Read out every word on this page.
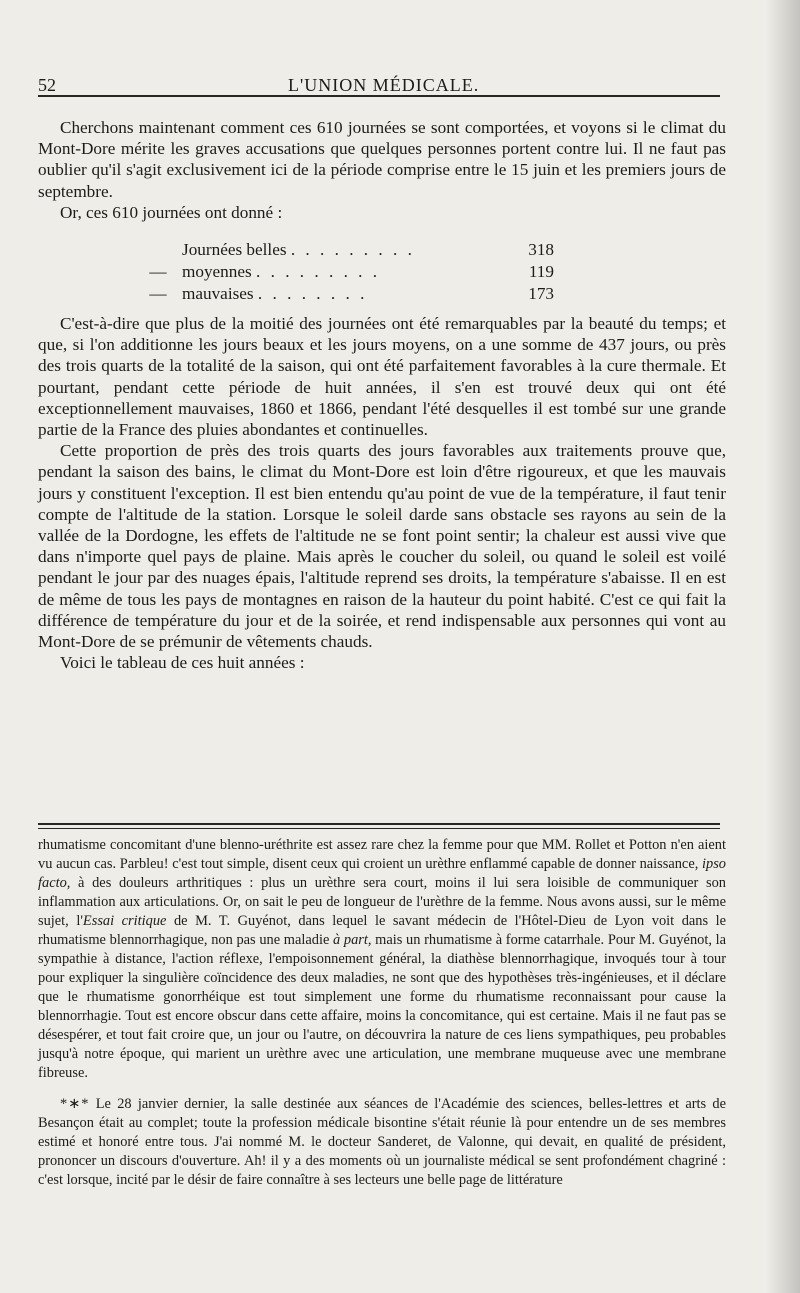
52	L'UNION MÉDICALE.

Cherchons maintenant comment ces 610 journées se sont comportées, et voyons si le climat du Mont-Dore mérite les graves accusations que quelques personnes portent contre lui. Il ne faut pas oublier qu'il s'agit exclusivement ici de la période comprise entre le 15 juin et les premiers jours de septembre.

Or, ces 610 journées ont donné :

Journées belles . . . . . . . . .	318
— moyennes . . . . . . . . .	119
— mauvaises . . . . . . . .	173

C'est-à-dire que plus de la moitié des journées ont été remarquables par la beauté du temps; et que, si l'on additionne les jours beaux et les jours moyens, on a une somme de 437 jours, ou près des trois quarts de la totalité de la saison, qui ont été parfaitement favorables à la cure thermale. Et pourtant, pendant cette période de huit années, il s'en est trouvé deux qui ont été exceptionnellement mauvaises, 1860 et 1866, pendant l'été desquelles il est tombé sur une grande partie de la France des pluies abondantes et continuelles.

Cette proportion de près des trois quarts des jours favorables aux traitements prouve que, pendant la saison des bains, le climat du Mont-Dore est loin d'être rigoureux, et que les mauvais jours y constituent l'exception. Il est bien entendu qu'au point de vue de la température, il faut tenir compte de l'altitude de la station. Lorsque le soleil darde sans obstacle ses rayons au sein de la vallée de la Dordogne, les effets de l'altitude ne se font point sentir; la chaleur est aussi vive que dans n'importe quel pays de plaine. Mais après le coucher du soleil, ou quand le soleil est voilé pendant le jour par des nuages épais, l'altitude reprend ses droits, la température s'abaisse. Il en est de même de tous les pays de montagnes en raison de la hauteur du point habité. C'est ce qui fait la différence de température du jour et de la soirée, et rend indispensable aux personnes qui vont au Mont-Dore de se prémunir de vêtements chauds.

Voici le tableau de ces huit années :

rhumatisme concomitant d'une blenno-uréthrite est assez rare chez la femme pour que MM. Rollet et Potton n'en aient vu aucun cas. Parbleu! c'est tout simple, disent ceux qui croient un urèthre enflammé capable de donner naissance, ipso facto, à des douleurs arthritiques : plus un urèthre sera court, moins il lui sera loisible de communiquer son inflammation aux articulations. Or, on sait le peu de longueur de l'urèthre de la femme. Nous avons aussi, sur le même sujet, l'Essai critique de M. T. Guyénot, dans lequel le savant médecin de l'Hôtel-Dieu de Lyon voit dans le rhumatisme blennorrhagique, non pas une maladie à part, mais un rhumatisme à forme catarrhale. Pour M. Guyénot, la sympathie à distance, l'action réflexe, l'empoisonnement général, la diathèse blennorrhagique, invoqués tour à tour pour expliquer la singulière coïncidence des deux maladies, ne sont que des hypothèses très-ingénieuses, et il déclare que le rhumatisme gonorrhéique est tout simplement une forme du rhumatisme reconnaissant pour cause la blennorrhagie. Tout est encore obscur dans cette affaire, moins la concomitance, qui est certaine. Mais il ne faut pas se désespérer, et tout fait croire que, un jour ou l'autre, on découvrira la nature de ces liens sympathiques, peu probables jusqu'à notre époque, qui marient un urèthre avec une articulation, une membrane muqueuse avec une membrane fibreuse.

*∗* Le 28 janvier dernier, la salle destinée aux séances de l'Académie des sciences, belles-lettres et arts de Besançon était au complet; toute la profession médicale bisontine s'était réunie là pour entendre un de ses membres estimé et honoré entre tous. J'ai nommé M. le docteur Sanderet, de Valonne, qui devait, en qualité de président, prononcer un discours d'ouverture. Ah! il y a des moments où un journaliste médical se sent profondément chagriné : c'est lorsque, incité par le désir de faire connaître à ses lecteurs une belle page de littérature
